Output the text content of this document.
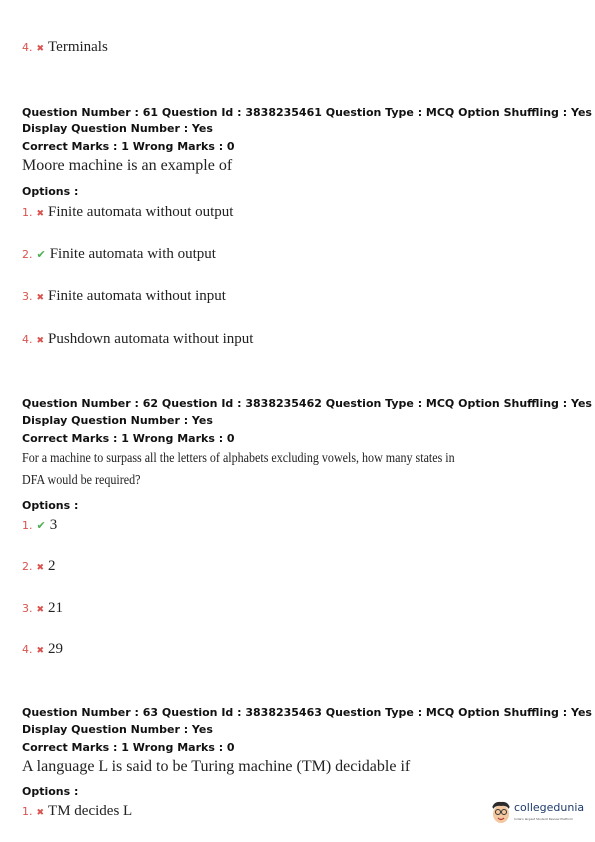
4. ✖ Terminals
Question Number : 61 Question Id : 3838235461 Question Type : MCQ Option Shuffling : Yes
Display Question Number : Yes
Correct Marks : 1 Wrong Marks : 0
Moore machine is an example of
Options :
1. ✖ Finite automata without output
2. ✔ Finite automata with output
3. ✖ Finite automata without input
4. ✖ Pushdown automata without input
Question Number : 62 Question Id : 3838235462 Question Type : MCQ Option Shuffling : Yes
Display Question Number : Yes
Correct Marks : 1 Wrong Marks : 0
For a machine to surpass all the letters of alphabets excluding vowels, how many states in
DFA would be required?
Options :
1. ✔ 3
2. ✖ 2
3. ✖ 21
4. ✖ 29
Question Number : 63 Question Id : 3838235463 Question Type : MCQ Option Shuffling : Yes
Display Question Number : Yes
Correct Marks : 1 Wrong Marks : 0
A language L is said to be Turing machine (TM) decidable if
Options :
1. ✖ TM decides L	collegedunia
India's largest Student Review Platform
